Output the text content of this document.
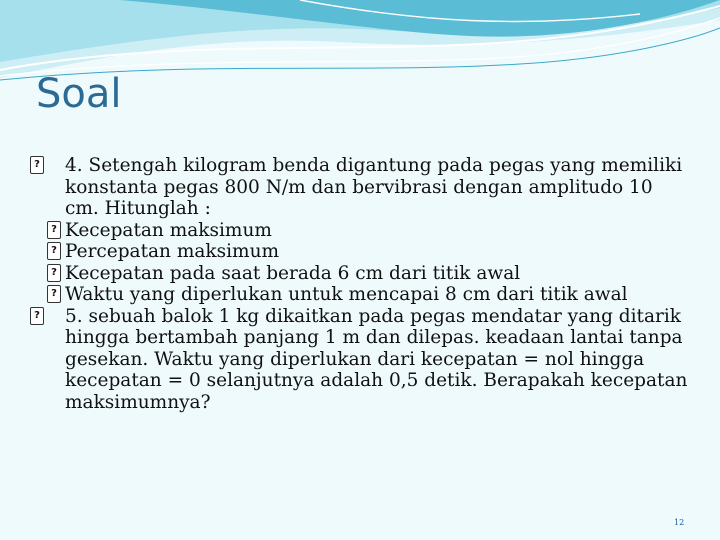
Soal
? 4. Setengah kilogram benda digantung pada pegas yang memiliki konstanta pegas 800 N/m dan bervibrasi dengan amplitudo 10 cm. Hitunglah :
? Kecepatan maksimum
? Percepatan maksimum
? Kecepatan pada saat berada 6 cm dari titik awal
? Waktu yang diperlukan untuk mencapai 8 cm dari titik awal
? 5. sebuah balok 1 kg dikaitkan pada pegas mendatar yang ditarik hingga bertambah panjang 1 m dan dilepas. keadaan lantai tanpa gesekan. Waktu yang diperlukan dari kecepatan = nol hingga kecepatan = 0 selanjutnya adalah 0,5 detik. Berapakah kecepatan maksimumnya?
12
